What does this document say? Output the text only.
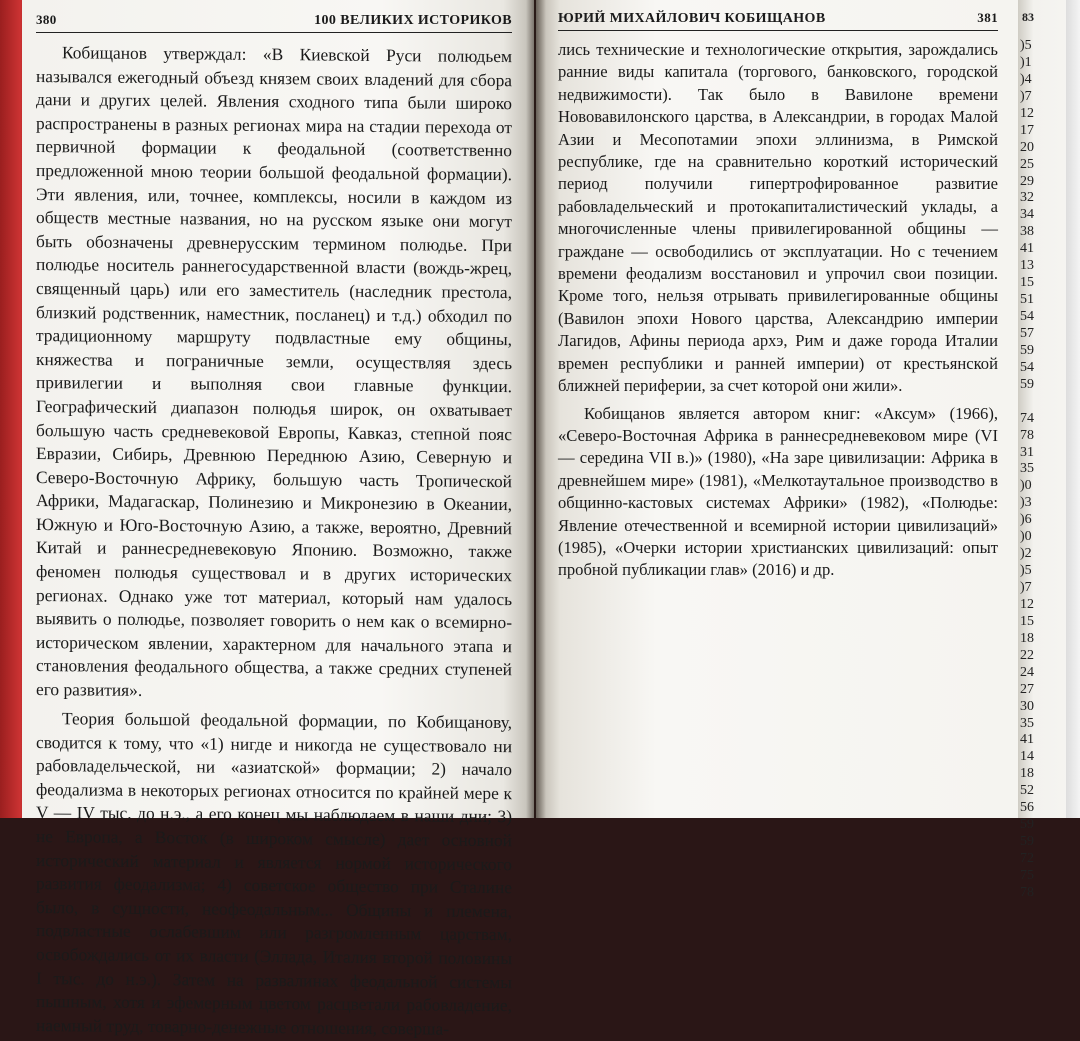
380	100 ВЕЛИКИХ ИСТОРИКОВ

Кобищанов утверждал: «В Киевской Руси полюдьем назывался ежегодный объезд князем своих владений для сбора дани и других целей. Явления сходного типа были широко распространены в разных регионах мира на стадии перехода от первичной формации к феодальной (соответственно предложенной мною теории большой феодальной формации). Эти явления, или, точнее, комплексы, носили в каждом из обществ местные названия, но на русском языке они могут быть обозначены древнерусским термином полюдье. При полюдье носитель раннегосударственной власти (вождь-жрец, священный царь) или его заместитель (наследник престола, близкий родственник, наместник, посланец) и т.д.) обходил по традиционному маршруту подвластные ему общины, княжества и пограничные земли, осуществляя здесь привилегии и выполняя свои главные функции. Географический диапазон полюдья широк, он охватывает большую часть средневековой Европы, Кавказ, степной пояс Евразии, Сибирь, Древнюю Переднюю Азию, Северную и Северо-Восточную Африку, большую часть Тропической Африки, Мадагаскар, Полинезию и Микронезию в Океании, Южную и Юго-Восточную Азию, а также, вероятно, Древний Китай и раннесредневековую Японию. Возможно, также феномен полюдья существовал и в других исторических регионах. Однако уже тот материал, который нам удалось выявить о полюдье, позволяет говорить о нем как о всемирно-историческом явлении, характерном для начального этапа и становления феодального общества, а также средних ступеней его развития».

Теория большой феодальной формации, по Кобищанову, сводится к тому, что «1) нигде и никогда не существовало ни рабовладельческой, ни «азиатской» формации; 2) начало феодализма в некоторых регионах относится по крайней мере к V — IV тыс. до н.э., а его конец мы наблюдаем в наши дни; 3) не Европа, а Восток (в широком смысле) дает основной исторический материал и является нормой исторического развития феодализма; 4) советское общество при Сталине было, в сущности, неофеодальным... Общины и племена, подвластные ослабевшим или разгромленным царствам, освобождались от их власти (Эллада, Италия второй половины I тыс. до н.э.). Затем на развалинах феодальной системы пышным, хотя и эфемерным цветом расцветали рабовладение, наемный труд, товарно-денежные отношения, соверша-

ЮРИЙ МИХАЙЛОВИЧ КОБИЩАНОВ	381

лись технические и технологические открытия, зарождались ранние виды капитала (торгового, банковского, городской недвижимости). Так было в Вавилоне времени Нововавилонского царства, в Александрии, в городах Малой Азии и Месопотамии эпохи эллинизма, в Римской республике, где на сравнительно короткий исторический период получили гипертрофированное развитие рабовладельческий и протокапиталистический уклады, а многочисленные члены привилегированной общины — граждане — освободились от эксплуатации. Но с течением времени феодализм восстановил и упрочил свои позиции. Кроме того, нельзя отрывать привилегированные общины (Вавилон эпохи Нового царства, Александрию империи Лагидов, Афины периода архэ, Рим и даже города Италии времен республики и ранней империи) от крестьянской ближней периферии, за счет которой они жили».

Кобищанов является автором книг: «Аксум» (1966), «Северо-Восточная Африка в раннесредневековом мире (VI — середина VII в.)» (1980), «На заре цивилизации: Африка в древнейшем мире» (1981), «Мелкотаутальное производство в общинно-кастовых системах Африки» (1982), «Полюдье: Явление отечественной и всемирной истории цивилизаций» (1985), «Очерки истории христианских цивилизаций: опыт пробной публикации глав» (2016) и др.

83
)5
)1
)4
)7
12
17
20
25
29
32
34
38
41
13
15
51
54
57
59
54
59
74
78
31
35
)0
)3
)6
)0
)2
)5
)7
12
15
18
22
24
27
30
35
41
14
18
52
56
59
59
72
75
78
